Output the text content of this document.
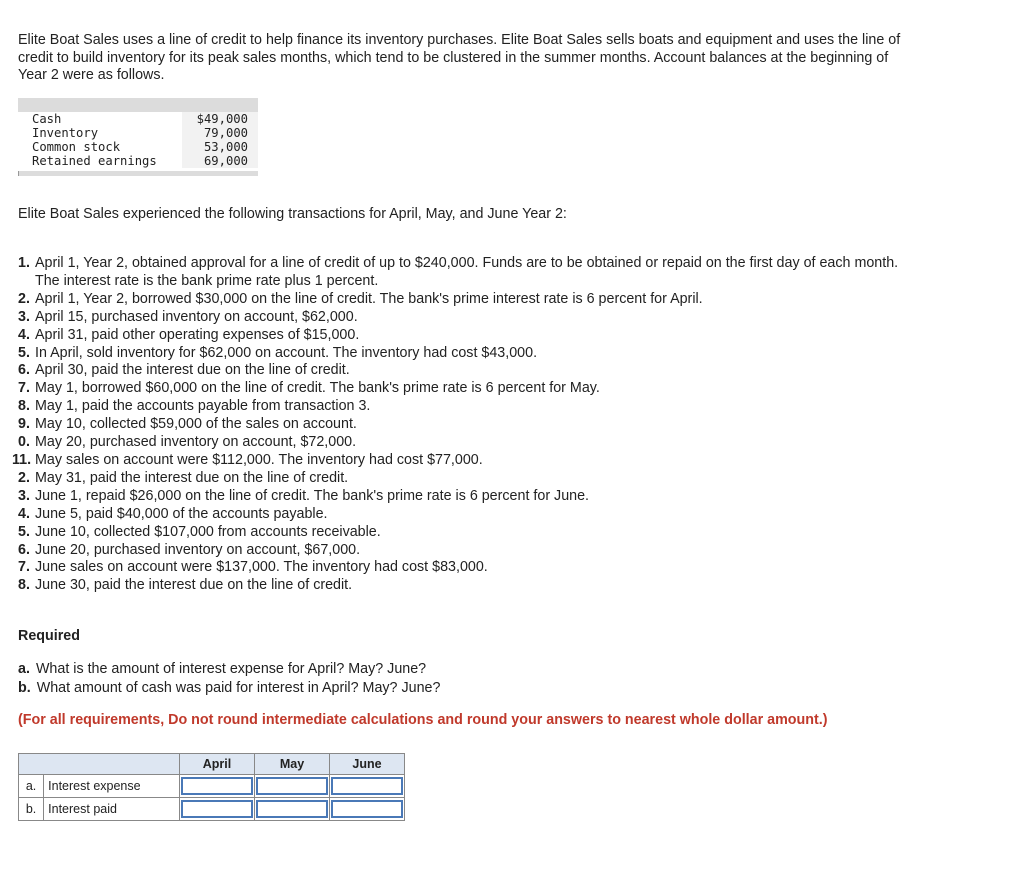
Elite Boat Sales uses a line of credit to help finance its inventory purchases. Elite Boat Sales sells boats and equipment and uses the line of credit to build inventory for its peak sales months, which tend to be clustered in the summer months. Account balances at the beginning of Year 2 were as follows.
Cash	$49,000
Inventory	79,000
Common stock	53,000
Retained earnings	69,000
Elite Boat Sales experienced the following transactions for April, May, and June Year 2:
1. April 1, Year 2, obtained approval for a line of credit of up to $240,000. Funds are to be obtained or repaid on the first day of each month. The interest rate is the bank prime rate plus 1 percent.
2. April 1, Year 2, borrowed $30,000 on the line of credit. The bank's prime interest rate is 6 percent for April.
3. April 15, purchased inventory on account, $62,000.
4. April 31, paid other operating expenses of $15,000.
5. In April, sold inventory for $62,000 on account. The inventory had cost $43,000.
6. April 30, paid the interest due on the line of credit.
7. May 1, borrowed $60,000 on the line of credit. The bank's prime rate is 6 percent for May.
8. May 1, paid the accounts payable from transaction 3.
9. May 10, collected $59,000 of the sales on account.
0. May 20, purchased inventory on account, $72,000.
11. May sales on account were $112,000. The inventory had cost $77,000.
2. May 31, paid the interest due on the line of credit.
3. June 1, repaid $26,000 on the line of credit. The bank's prime rate is 6 percent for June.
4. June 5, paid $40,000 of the accounts payable.
5. June 10, collected $107,000 from accounts receivable.
6. June 20, purchased inventory on account, $67,000.
7. June sales on account were $137,000. The inventory had cost $83,000.
8. June 30, paid the interest due on the line of credit.
Required
a. What is the amount of interest expense for April? May? June?
b. What amount of cash was paid for interest in April? May? June?
(For all requirements, Do not round intermediate calculations and round your answers to nearest whole dollar amount.)
		April	May	June
a.	Interest expense			
b.	Interest paid			
